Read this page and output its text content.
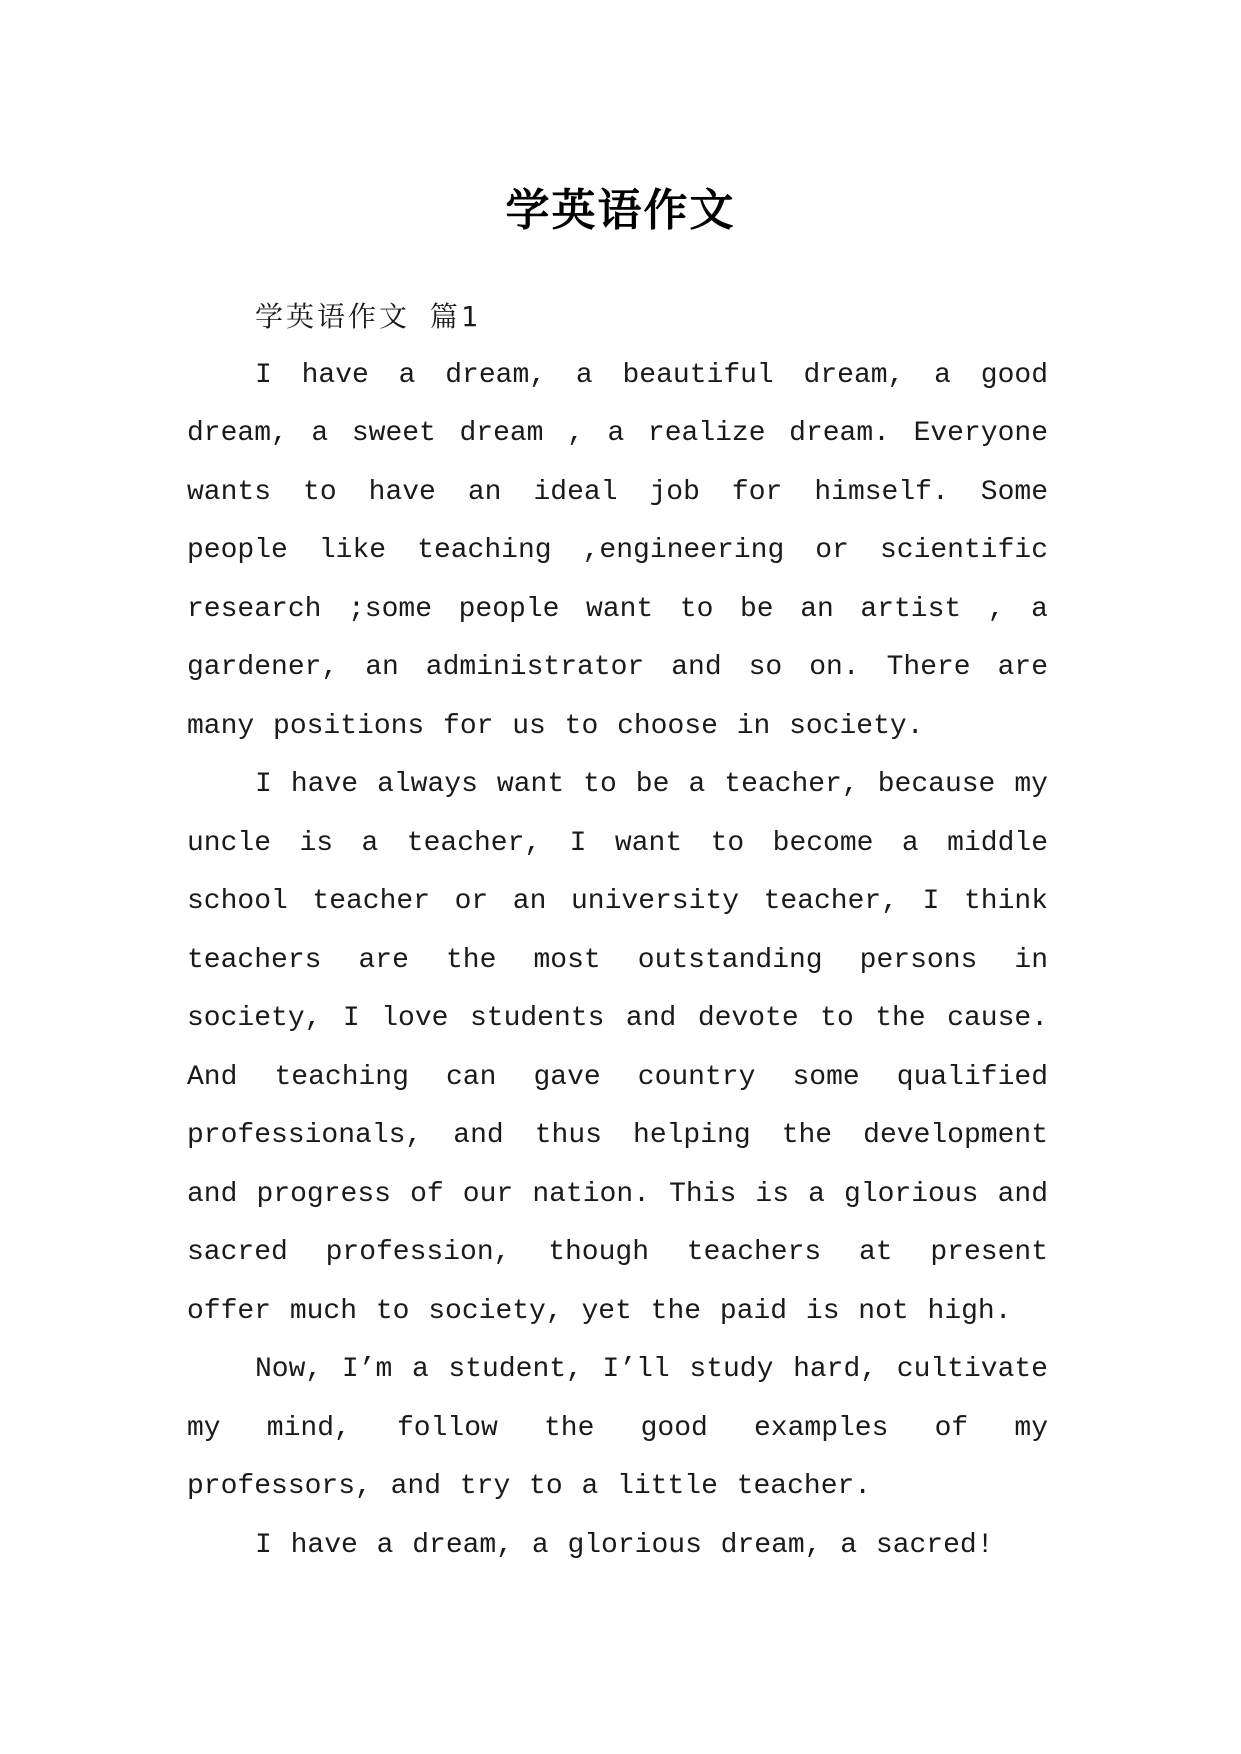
学英语作文

学英语作文 篇1

I have a dream, a beautiful dream, a good dream, a sweet dream , a realize dream. Everyone wants to have an ideal job for himself. Some people like teaching ,engineering or scientific research ;some people want to be an artist , a gardener, an administrator and so on. There are many positions for us to choose in society.

I have always want to be a teacher, because my uncle is a teacher, I want to become a middle school teacher or an university teacher, I think teachers are the most outstanding persons in society, I love students and devote to the cause. And teaching can gave country some qualified professionals, and thus helping the development and progress of our nation. This is a glorious and sacred profession, though teachers at present offer much to society, yet the paid is not high.

Now, I’m a student, I’ll study hard, cultivate my mind, follow the good examples of my professors, and try to a little teacher.

I have a dream, a glorious dream, a sacred!
